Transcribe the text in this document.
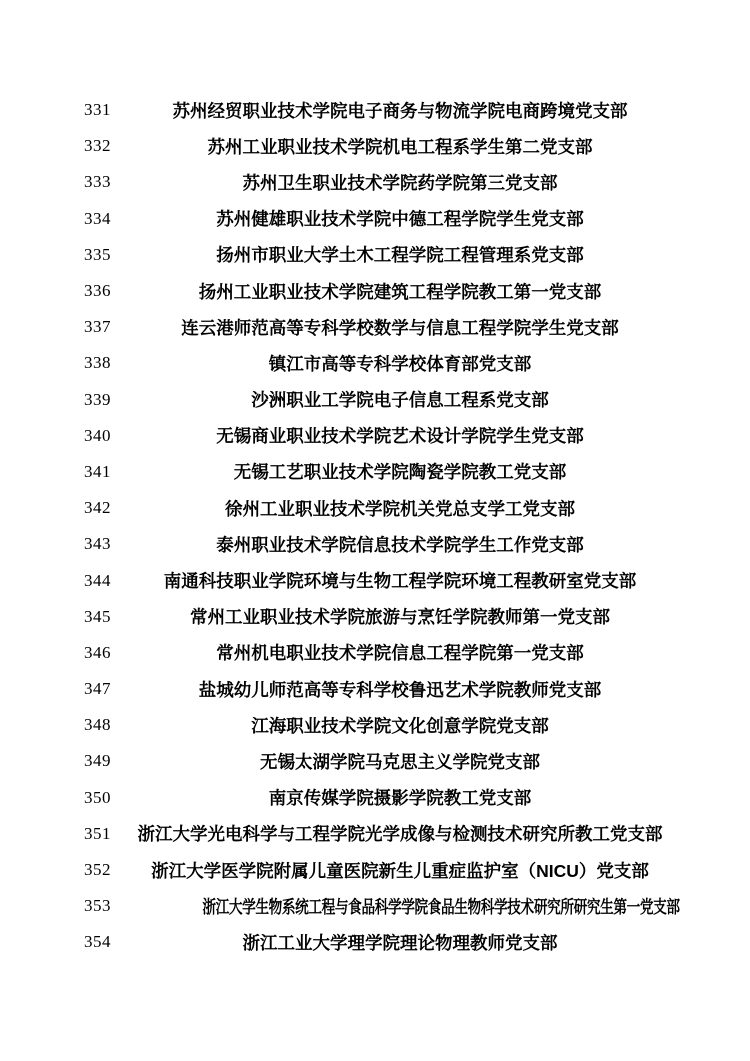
331	苏州经贸职业技术学院电子商务与物流学院电商跨境党支部
332	苏州工业职业技术学院机电工程系学生第二党支部
333	苏州卫生职业技术学院药学院第三党支部
334	苏州健雄职业技术学院中德工程学院学生党支部
335	扬州市职业大学土木工程学院工程管理系党支部
336	扬州工业职业技术学院建筑工程学院教工第一党支部
337	连云港师范高等专科学校数学与信息工程学院学生党支部
338	镇江市高等专科学校体育部党支部
339	沙洲职业工学院电子信息工程系党支部
340	无锡商业职业技术学院艺术设计学院学生党支部
341	无锡工艺职业技术学院陶瓷学院教工党支部
342	徐州工业职业技术学院机关党总支学工党支部
343	泰州职业技术学院信息技术学院学生工作党支部
344	南通科技职业学院环境与生物工程学院环境工程教研室党支部
345	常州工业职业技术学院旅游与烹饪学院教师第一党支部
346	常州机电职业技术学院信息工程学院第一党支部
347	盐城幼儿师范高等专科学校鲁迅艺术学院教师党支部
348	江海职业技术学院文化创意学院党支部
349	无锡太湖学院马克思主义学院党支部
350	南京传媒学院摄影学院教工党支部
351	浙江大学光电科学与工程学院光学成像与检测技术研究所教工党支部
352	浙江大学医学院附属儿童医院新生儿重症监护室（NICU）党支部
353	浙江大学生物系统工程与食品科学学院食品生物科学技术研究所研究生第一党支部
354	浙江工业大学理学院理论物理教师党支部
